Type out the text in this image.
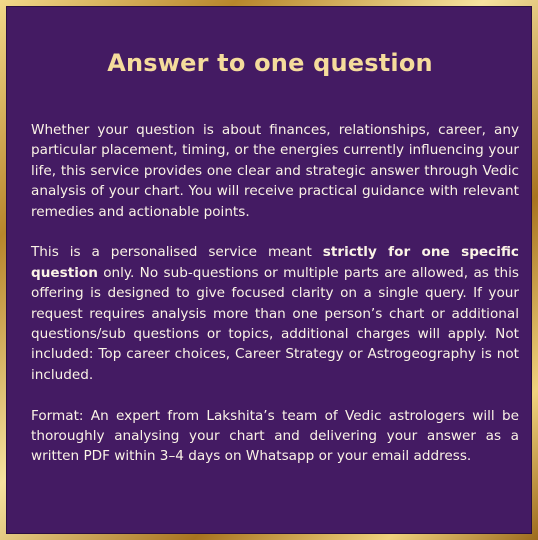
Answer to one question

Whether your question is about finances, relationships, career, any particular placement, timing, or the energies currently influencing your life, this service provides one clear and strategic answer through Vedic analysis of your chart. You will receive practical guidance with relevant remedies and actionable points.

This is a personalised service meant strictly for one specific question only. No sub-questions or multiple parts are allowed, as this offering is designed to give focused clarity on a single query. If your request requires analysis more than one person’s chart or additional questions/sub questions or topics, additional charges will apply. Not included: Top career choices, Career Strategy or Astrogeography is not included.

Format: An expert from Lakshita’s team of Vedic astrologers will be thoroughly analysing your chart and delivering your answer as a written PDF within 3–4 days on Whatsapp or your email address.
